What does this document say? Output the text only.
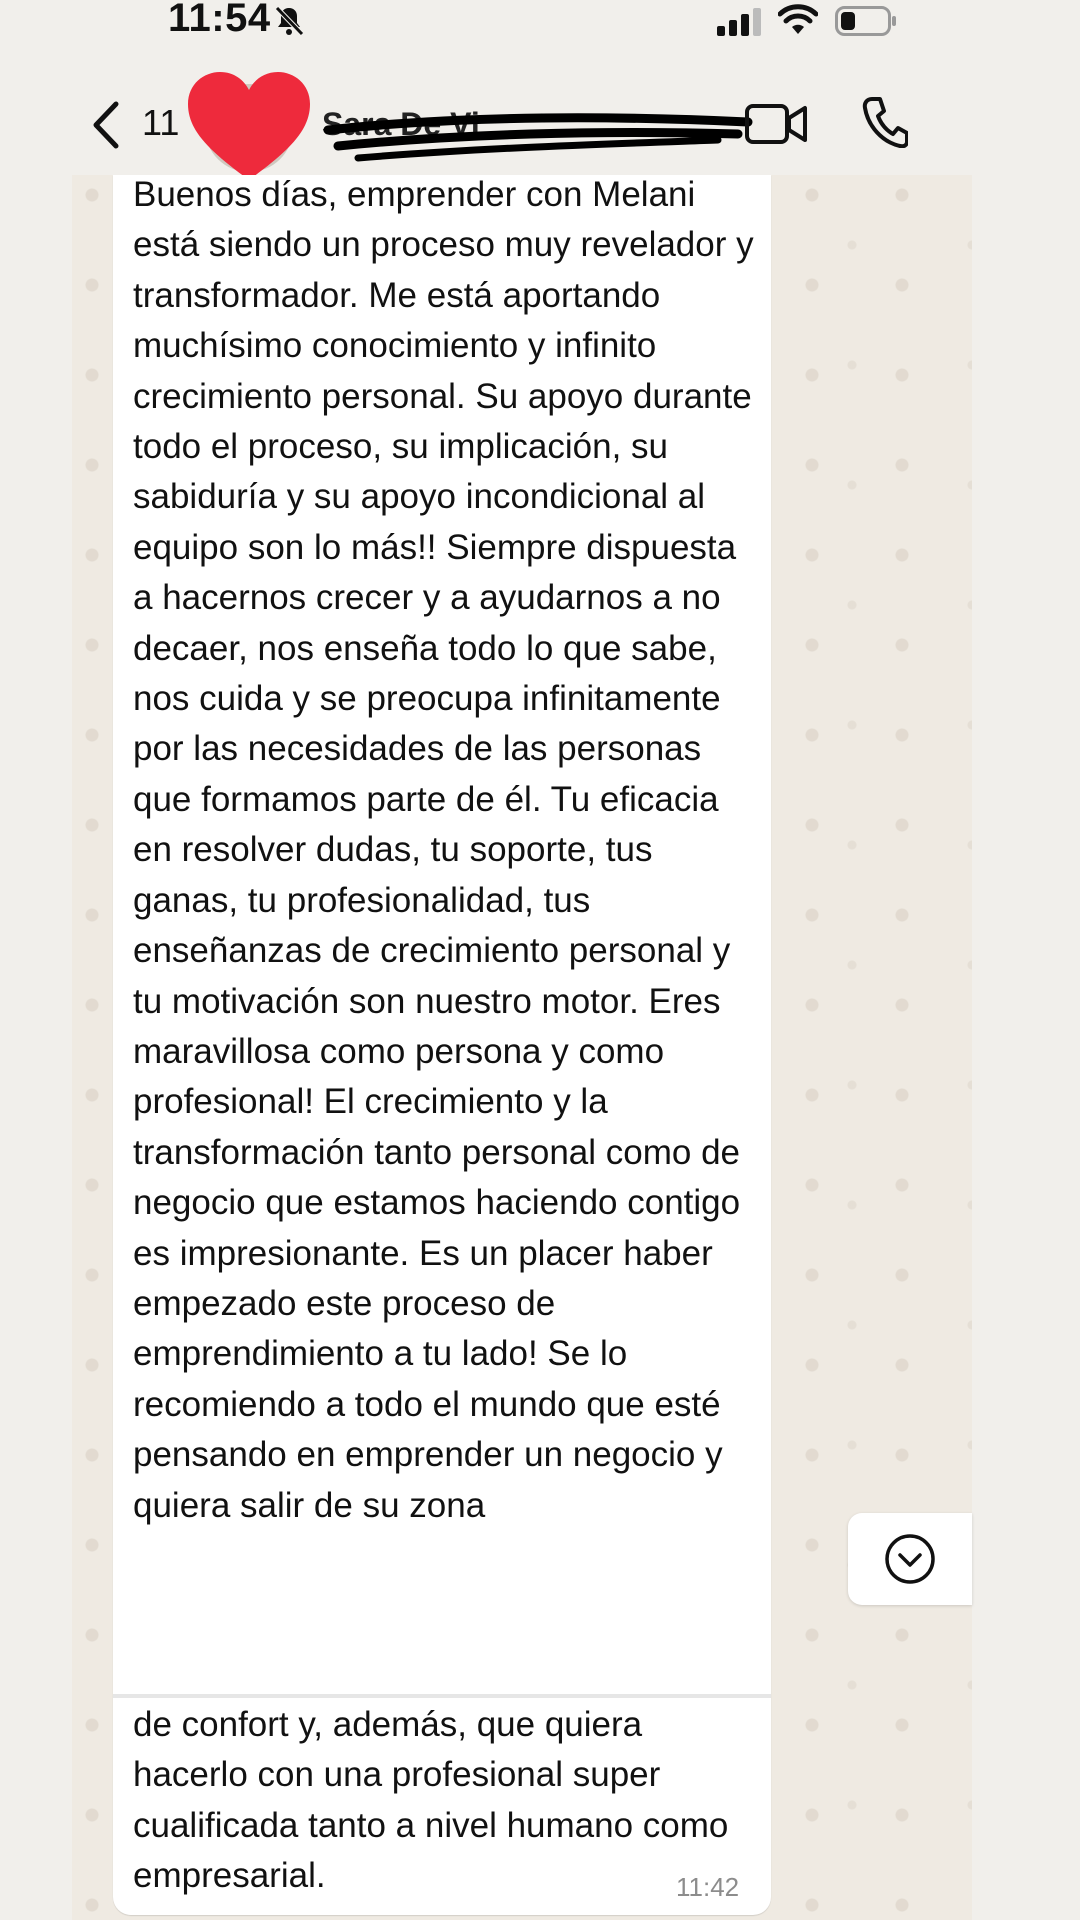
11:54
11	Sara De Vi
Buenos días, emprender con Melani está siendo un proceso muy revelador y transformador. Me está aportando muchísimo conocimiento y infinito crecimiento personal. Su apoyo durante todo el proceso, su implicación, su sabiduría y su apoyo incondicional al equipo son lo más!! Siempre dispuesta a hacernos crecer y a ayudarnos a no decaer, nos enseña todo lo que sabe, nos cuida y se preocupa infinitamente por las necesidades de las personas que formamos parte de él. Tu eficacia en resolver dudas, tu soporte, tus ganas, tu profesionalidad, tus enseñanzas de crecimiento personal y tu motivación son nuestro motor. Eres maravillosa como persona y como profesional! El crecimiento y la transformación tanto personal como de negocio que estamos haciendo contigo es impresionante. Es un placer haber empezado este proceso de emprendimiento a tu lado! Se lo recomiendo a todo el mundo que esté pensando en emprender un negocio y quiera salir de su zona
de confort y, además, que quiera hacerlo con una profesional super cualificada tanto a nivel humano como empresarial.	11:42
